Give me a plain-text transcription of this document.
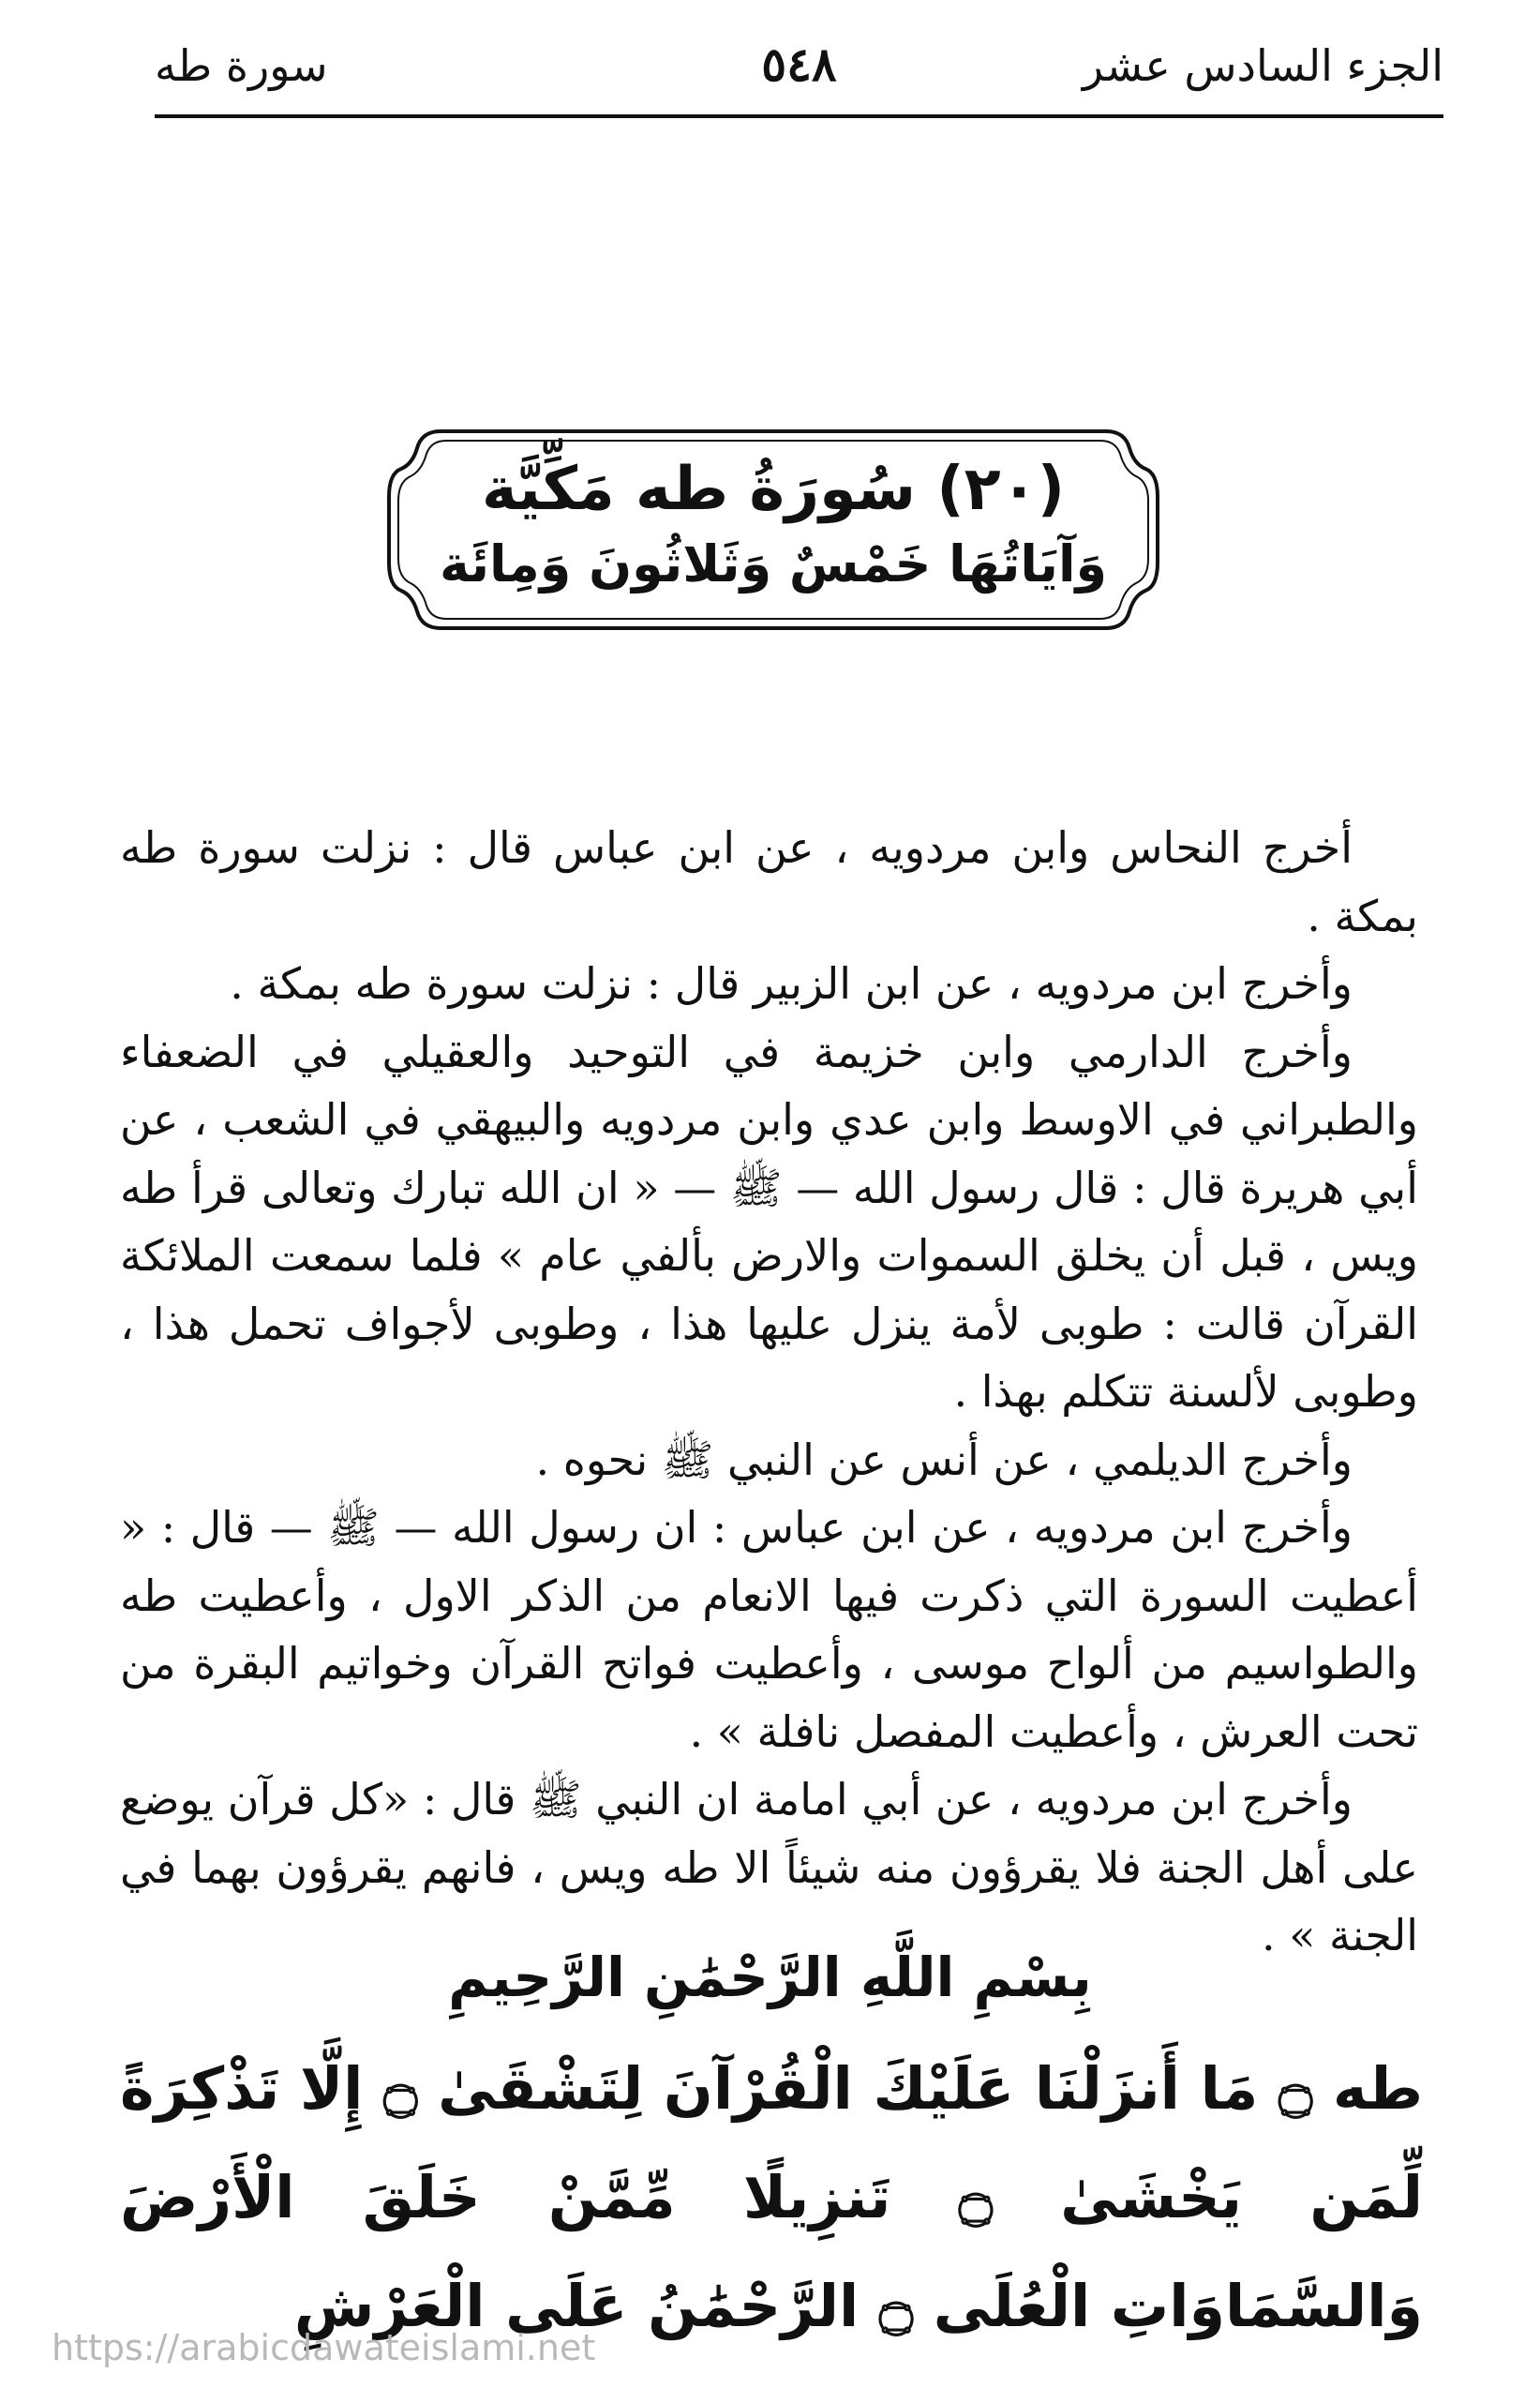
الجزء السادس عشر
٥٤٨
سورة طه
(٢٠) سُورَةُ طه مَكِّيَّة
وَآيَاتُهَا خَمْسٌ وَثَلاثُونَ وَمِائَة

أخرج النحاس وابن مردويه ، عن ابن عباس قال : نزلت سورة طه بمكة .

وأخرج ابن مردويه ، عن ابن الزبير قال : نزلت سورة طه بمكة .

وأخرج الدارمي وابن خزيمة في التوحيد والعقيلي في الضعفاء والطبراني في الاوسط وابن عدي وابن مردويه والبيهقي في الشعب ، عن أبي هريرة قال : قال رسول الله — ﷺ — « ان الله تبارك وتعالى قرأ طه ويس ، قبل أن يخلق السموات والارض بألفي عام » فلما سمعت الملائكة القرآن قالت : طوبى لأمة ينزل عليها هذا ، وطوبى لأجواف تحمل هذا ، وطوبى لألسنة تتكلم بهذا .

وأخرج الديلمي ، عن أنس عن النبي ﷺ نحوه .

وأخرج ابن مردويه ، عن ابن عباس : ان رسول الله — ﷺ — قال : « أعطيت السورة التي ذكرت فيها الانعام من الذكر الاول ، وأعطيت طه والطواسيم من ألواح موسى ، وأعطيت فواتح القرآن وخواتيم البقرة من تحت العرش ، وأعطيت المفصل نافلة » .

وأخرج ابن مردويه ، عن أبي امامة ان النبي ﷺ قال : «كل قرآن يوضع على أهل الجنة فلا يقرؤون منه شيئاً الا طه ويس ، فانهم يقرؤون بهما في الجنة » .

بِسْمِ اللَّهِ الرَّحْمَٰنِ الرَّحِيمِ
طه ۝ مَا أَنزَلْنَا عَلَيْكَ الْقُرْآنَ لِتَشْقَىٰ ۝ إِلَّا تَذْكِرَةً لِّمَن يَخْشَىٰ ۝ تَنزِيلًا مِّمَّنْ خَلَقَ الْأَرْضَ وَالسَّمَاوَاتِ الْعُلَى ۝ الرَّحْمَٰنُ عَلَى الْعَرْشِ
https://arabicdawateislami.net
